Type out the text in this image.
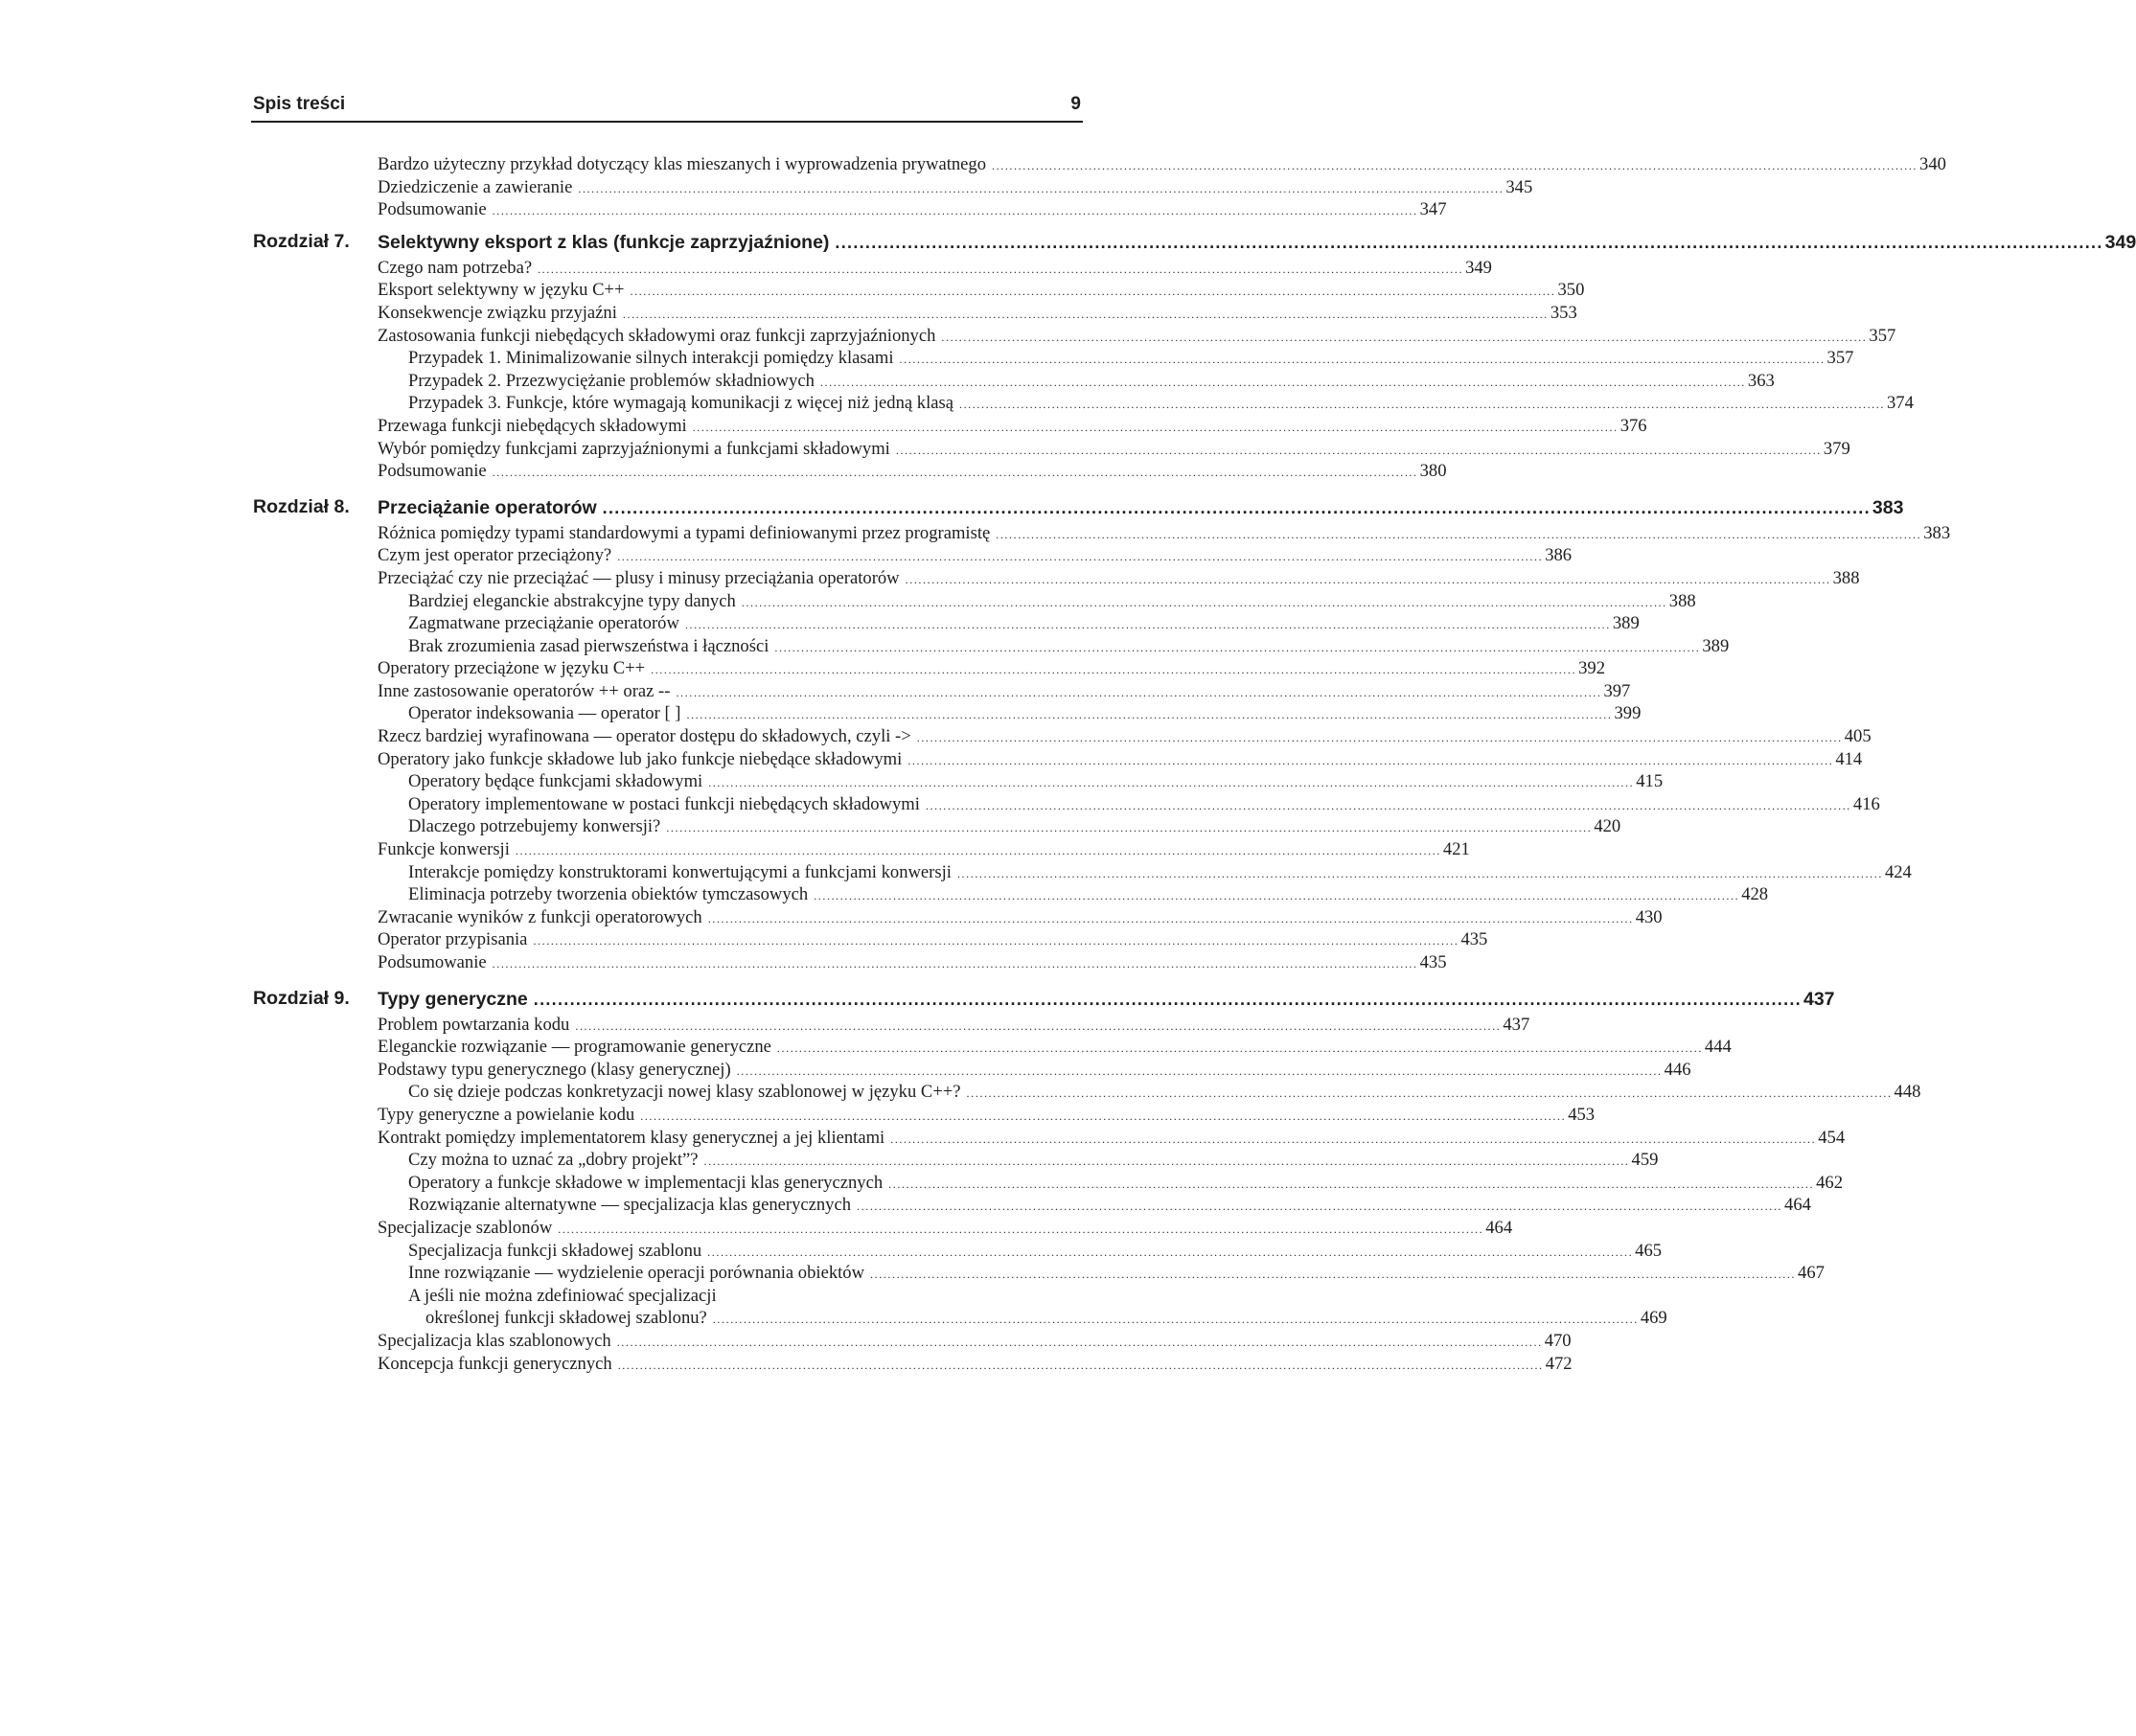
Spis treści	9
Bardzo użyteczny przykład dotyczący klas mieszanych i wyprowadzenia prywatnego .................................................................................................................................................................................................................. 340
Dziedziczenie a zawieranie .................................................................................................................................................................................................................. 345
Podsumowanie .................................................................................................................................................................................................................. 347
Rozdział 7. Selektywny eksport z klas (funkcje zaprzyjaźnione) .................................................................................................................................................................................................................. 349
Czego nam potrzeba? .................................................................................................................................................................................................................. 349
Eksport selektywny w języku C++ .................................................................................................................................................................................................................. 350
Konsekwencje związku przyjaźni .................................................................................................................................................................................................................. 353
Zastosowania funkcji niebędących składowymi oraz funkcji zaprzyjaźnionych .................................................................................................................................................................................................................. 357
Przypadek 1. Minimalizowanie silnych interakcji pomiędzy klasami .................................................................................................................................................................................................................. 357
Przypadek 2. Przezwyciężanie problemów składniowych .................................................................................................................................................................................................................. 363
Przypadek 3. Funkcje, które wymagają komunikacji z więcej niż jedną klasą .................................................................................................................................................................................................................. 374
Przewaga funkcji niebędących składowymi .................................................................................................................................................................................................................. 376
Wybór pomiędzy funkcjami zaprzyjaźnionymi a funkcjami składowymi .................................................................................................................................................................................................................. 379
Podsumowanie .................................................................................................................................................................................................................. 380
Rozdział 8. Przeciążanie operatorów .................................................................................................................................................................................................................. 383
Różnica pomiędzy typami standardowymi a typami definiowanymi przez programistę .................................................................................................................................................................................................................. 383
Czym jest operator przeciążony? .................................................................................................................................................................................................................. 386
Przeciążać czy nie przeciążać — plusy i minusy przeciążania operatorów .................................................................................................................................................................................................................. 388
Bardziej eleganckie abstrakcyjne typy danych .................................................................................................................................................................................................................. 388
Zagmatwane przeciążanie operatorów .................................................................................................................................................................................................................. 389
Brak zrozumienia zasad pierwszeństwa i łączności .................................................................................................................................................................................................................. 389
Operatory przeciążone w języku C++ .................................................................................................................................................................................................................. 392
Inne zastosowanie operatorów ++ oraz -- .................................................................................................................................................................................................................. 397
Operator indeksowania — operator [ ] .................................................................................................................................................................................................................. 399
Rzecz bardziej wyrafinowana — operator dostępu do składowych, czyli -> .................................................................................................................................................................................................................. 405
Operatory jako funkcje składowe lub jako funkcje niebędące składowymi .................................................................................................................................................................................................................. 414
Operatory będące funkcjami składowymi .................................................................................................................................................................................................................. 415
Operatory implementowane w postaci funkcji niebędących składowymi .................................................................................................................................................................................................................. 416
Dlaczego potrzebujemy konwersji? .................................................................................................................................................................................................................. 420
Funkcje konwersji .................................................................................................................................................................................................................. 421
Interakcje pomiędzy konstruktorami konwertującymi a funkcjami konwersji .................................................................................................................................................................................................................. 424
Eliminacja potrzeby tworzenia obiektów tymczasowych .................................................................................................................................................................................................................. 428
Zwracanie wyników z funkcji operatorowych .................................................................................................................................................................................................................. 430
Operator przypisania .................................................................................................................................................................................................................. 435
Podsumowanie .................................................................................................................................................................................................................. 435
Rozdział 9. Typy generyczne .................................................................................................................................................................................................................. 437
Problem powtarzania kodu .................................................................................................................................................................................................................. 437
Eleganckie rozwiązanie — programowanie generyczne .................................................................................................................................................................................................................. 444
Podstawy typu generycznego (klasy generycznej) .................................................................................................................................................................................................................. 446
Co się dzieje podczas konkretyzacji nowej klasy szablonowej w języku C++? .................................................................................................................................................................................................................. 448
Typy generyczne a powielanie kodu .................................................................................................................................................................................................................. 453
Kontrakt pomiędzy implementatorem klasy generycznej a jej klientami .................................................................................................................................................................................................................. 454
Czy można to uznać za „dobry projekt”? .................................................................................................................................................................................................................. 459
Operatory a funkcje składowe w implementacji klas generycznych .................................................................................................................................................................................................................. 462
Rozwiązanie alternatywne — specjalizacja klas generycznych .................................................................................................................................................................................................................. 464
Specjalizacje szablonów .................................................................................................................................................................................................................. 464
Specjalizacja funkcji składowej szablonu .................................................................................................................................................................................................................. 465
Inne rozwiązanie — wydzielenie operacji porównania obiektów .................................................................................................................................................................................................................. 467
A jeśli nie można zdefiniować specjalizacji
określonej funkcji składowej szablonu? .................................................................................................................................................................................................................. 469
Specjalizacja klas szablonowych .................................................................................................................................................................................................................. 470
Koncepcja funkcji generycznych .................................................................................................................................................................................................................. 472
